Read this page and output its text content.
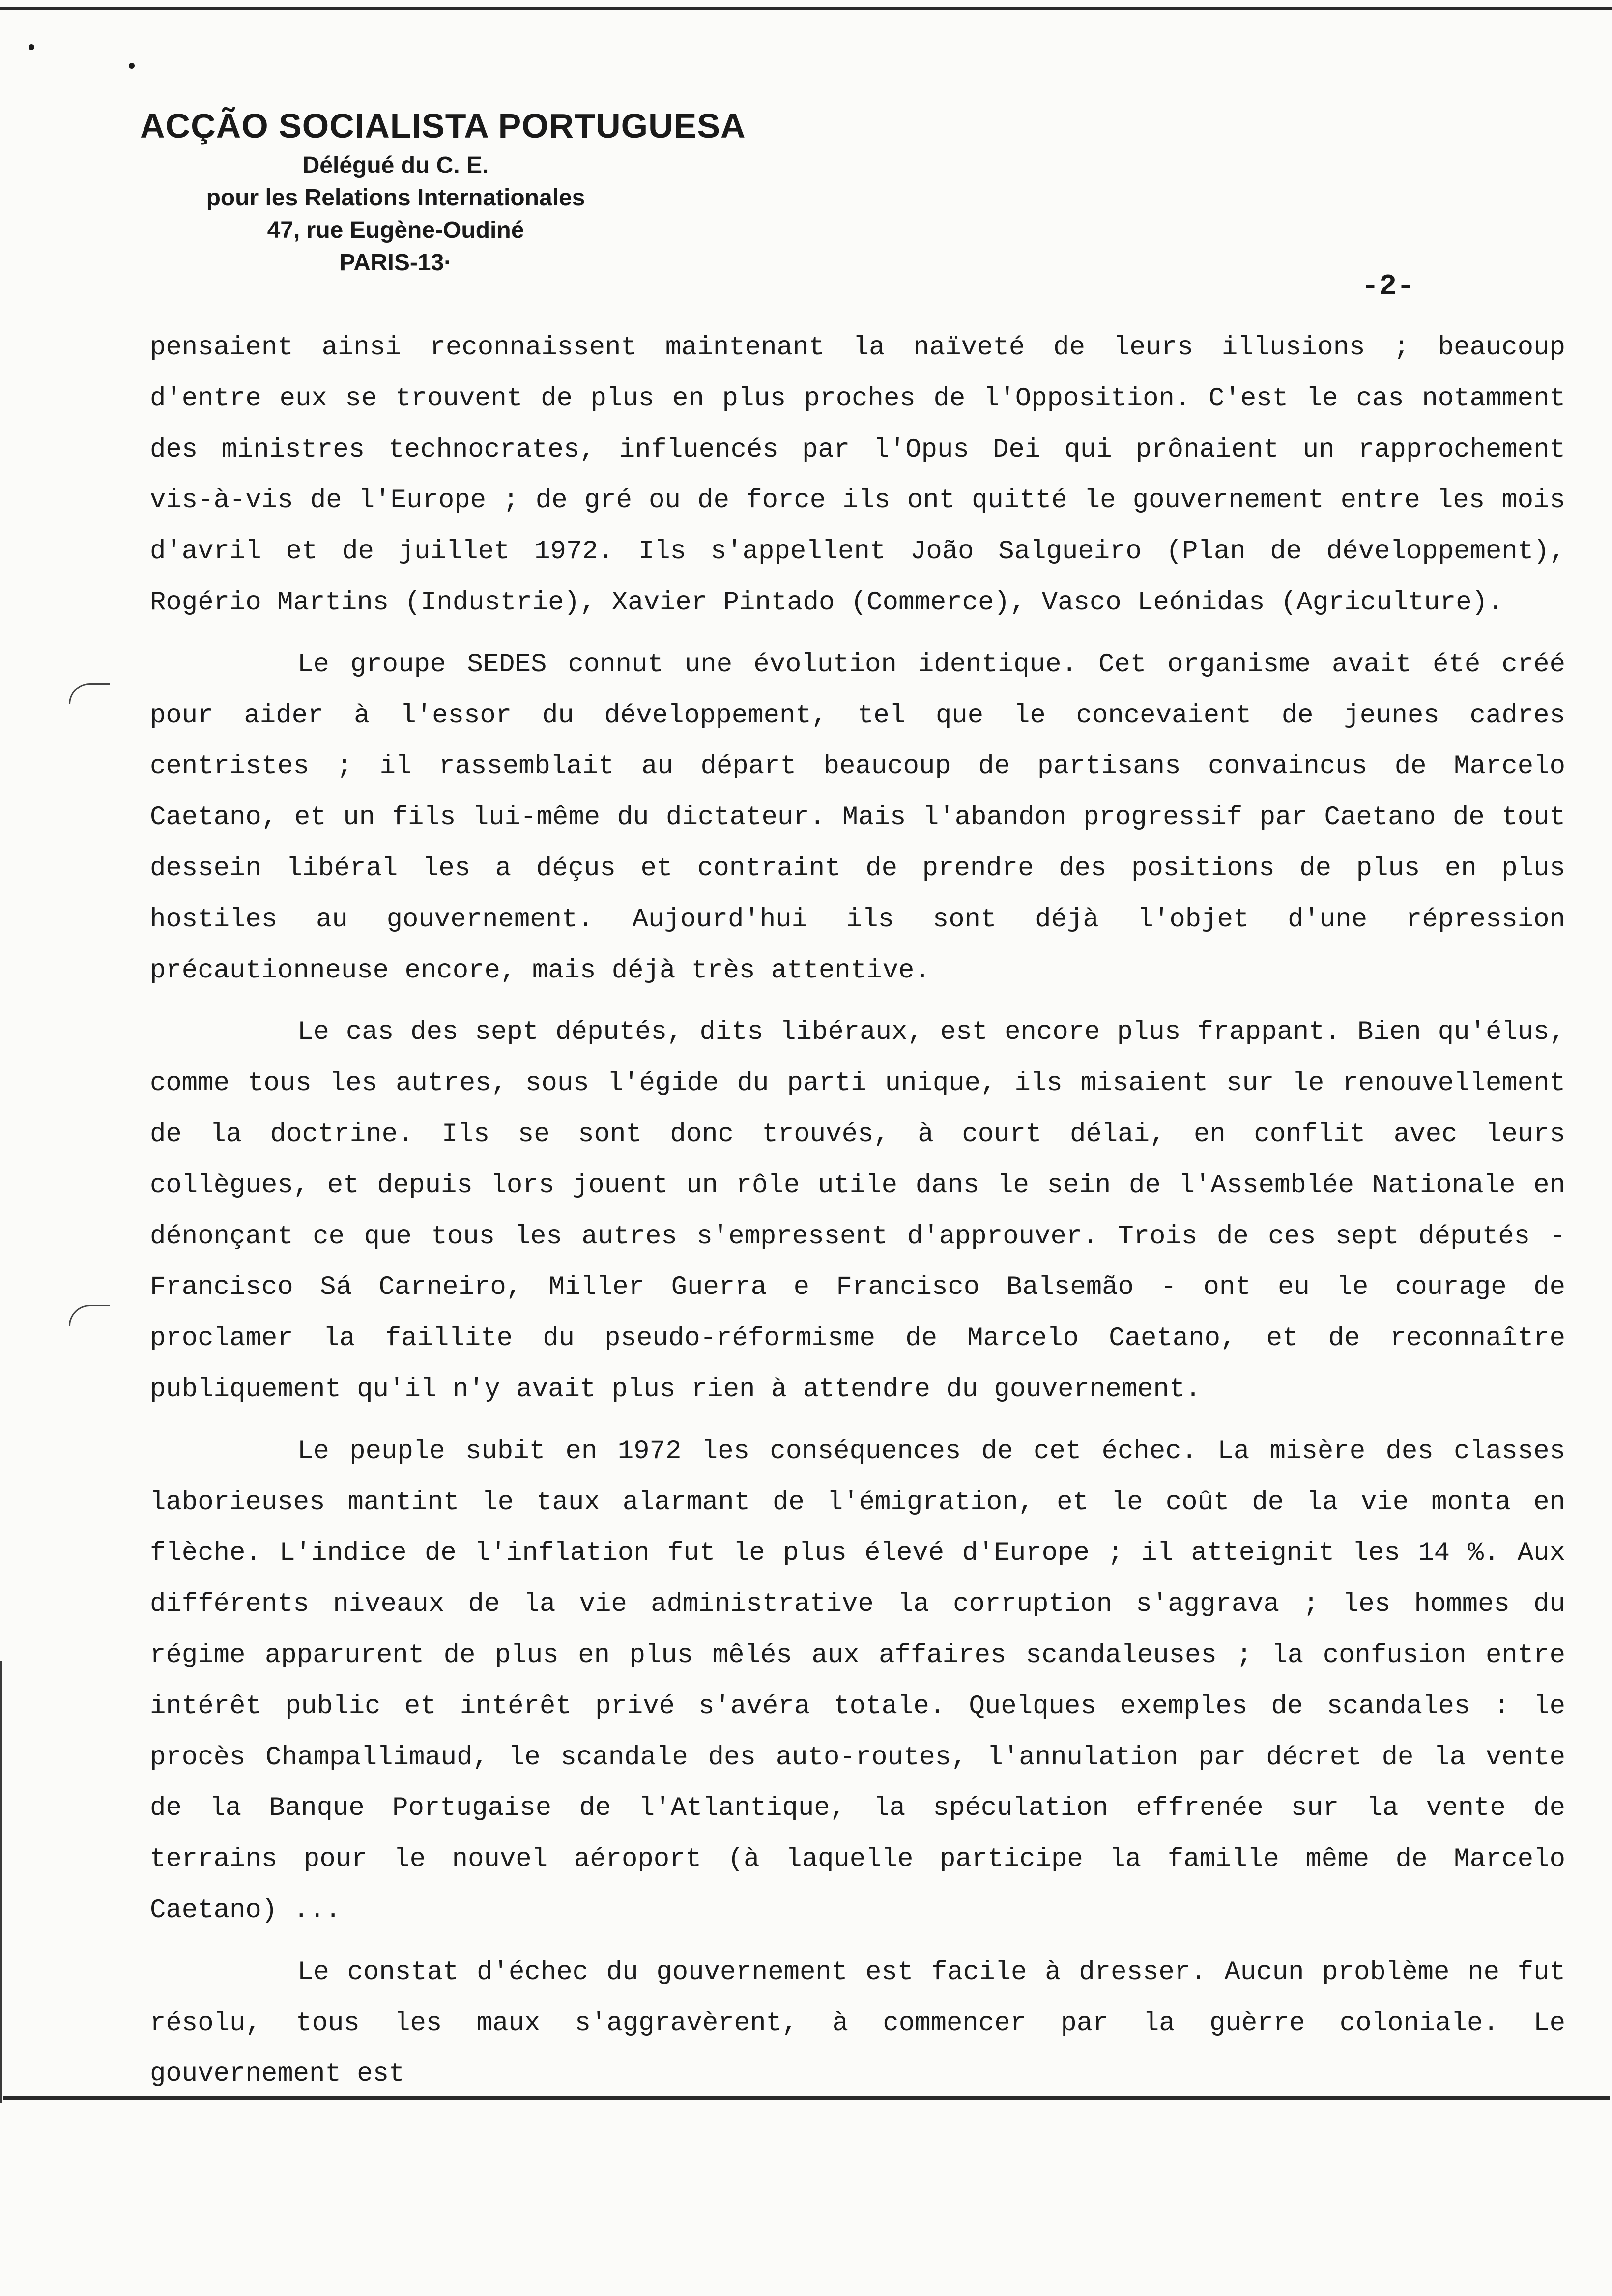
ACÇÃO SOCIALISTA PORTUGUESA
Délégué du C. E.
pour les Relations Internationales
47, rue Eugène-Oudiné
PARIS-13·
-2-

pensaient ainsi reconnaissent maintenant la naïveté de leurs illusions ; beaucoup d'entre eux se trouvent de plus en plus proches de l'Opposition. C'est le cas notamment des ministres technocrates, influencés par l'Opus Dei qui prônaient un rapprochement vis-à-vis de l'Europe ; de gré ou de force ils ont quitté le gouvernement entre les mois d'avril et de juillet 1972. Ils s'appellent João Salgueiro (Plan de développement), Rogério Martins (Industrie), Xavier Pintado (Commerce), Vasco Leónidas (Agriculture).

Le groupe SEDES connut une évolution identique. Cet organisme avait été créé pour aider à l'essor du développement, tel que le concevaient de jeunes cadres centristes ; il rassemblait au départ beaucoup de partisans convaincus de Marcelo Caetano, et un fils lui-même du dictateur. Mais l'abandon progressif par Caetano de tout dessein libéral les a déçus et contraint de prendre des positions de plus en plus hostiles au gouvernement. Aujourd'hui ils sont déjà l'objet d'une répression précautionneuse encore, mais déjà très attentive.

Le cas des sept députés, dits libéraux, est encore plus frappant. Bien qu'élus, comme tous les autres, sous l'égide du parti unique, ils misaient sur le renouvellement de la doctrine. Ils se sont donc trouvés, à court délai, en conflit avec leurs collègues, et depuis lors jouent un rôle utile dans le sein de l'Assemblée Nationale en dénonçant ce que tous les autres s'empressent d'approuver. Trois de ces sept députés - Francisco Sá Carneiro, Miller Guerra e Francisco Balsemão - ont eu le courage de proclamer la faillite du pseudo-réformisme de Marcelo Caetano, et de reconnaître publiquement qu'il n'y avait plus rien à attendre du gouvernement.

Le peuple subit en 1972 les conséquences de cet échec. La misère des classes laborieuses mantint le taux alarmant de l'émigration, et le coût de la vie monta en flèche. L'indice de l'inflation fut le plus élevé d'Europe ; il atteignit les 14 %. Aux différents niveaux de la vie administrative la corruption s'aggrava ; les hommes du régime apparurent de plus en plus mêlés aux affaires scandaleuses ; la confusion entre intérêt public et intérêt privé s'avéra totale. Quelques exemples de scandales : le procès Champallimaud, le scandale des auto-routes, l'annulation par décret de la vente de la Banque Portugaise de l'Atlantique, la spéculation effrenée sur la vente de terrains pour le nouvel aéroport (à laquelle participe la famille même de Marcelo Caetano) ...

Le constat d'échec du gouvernement est facile à dresser. Aucun problème ne fut résolu, tous les maux s'aggravèrent, à commencer par la guèrre coloniale. Le gouvernement est
